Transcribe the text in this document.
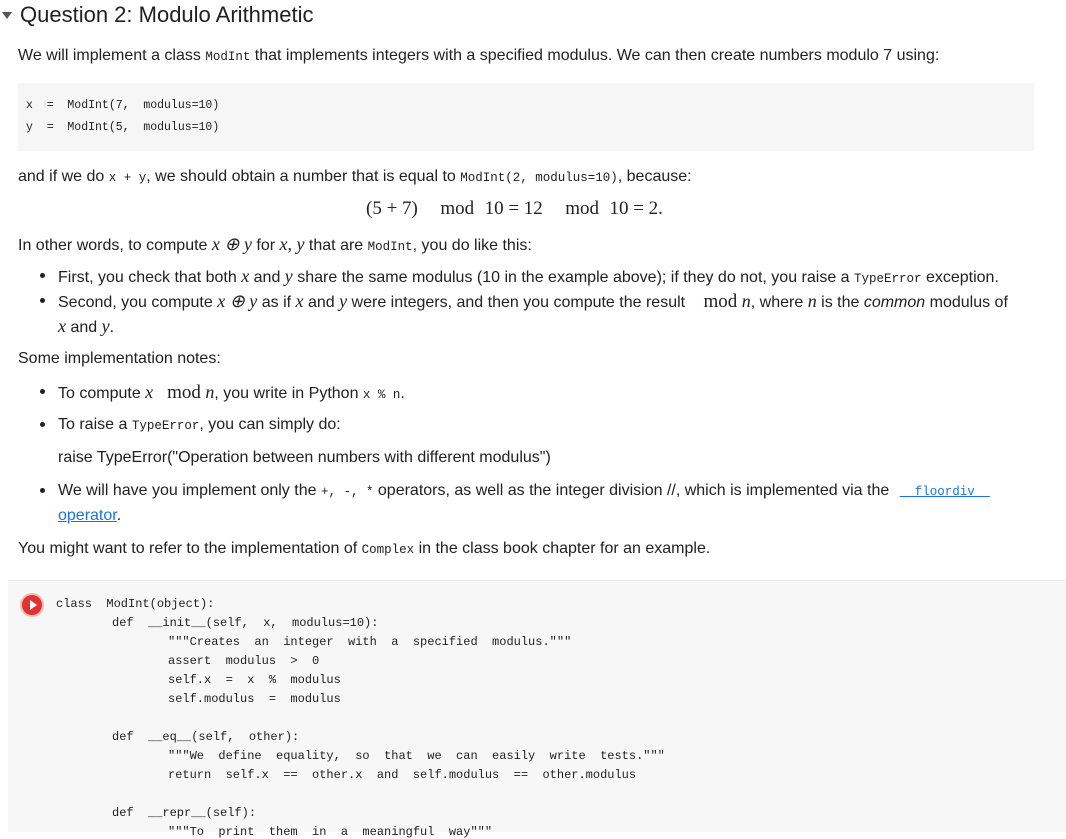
Question 2: Modulo Arithmetic
We will implement a class ModInt that implements integers with a specified modulus. We can then create numbers modulo 7 using:
x  =  ModInt(7,  modulus=10)
y  =  ModInt(5,  modulus=10)
and if we do x + y, we should obtain a number that is equal to ModInt(2, modulus=10), because:
(5 + 7) mod 10 = 12 mod 10 = 2.
In other words, to compute x ⊕ y for x, y that are ModInt, you do like this:
First, you check that both x and y share the same modulus (10 in the example above); if they do not, you raise a TypeError exception.
Second, you compute x ⊕ y as if x and y were integers, and then you compute the result mod n, where n is the common modulus of
x and y.
Some implementation notes:
To compute x mod n, you write in Python x % n.
To raise a TypeError, you can simply do:
raise TypeError("Operation between numbers with different modulus")
We will have you implement only the +, -, * operators, as well as the integer division //, which is implemented via the __floordiv__
operator.
You might want to refer to the implementation of Complex in the class book chapter for an example.
class  ModInt(object):
def  __init__(self,  x,  modulus=10):
"""Creates  an  integer  with  a  specified  modulus."""
assert  modulus  >  0
self.x  =  x  %  modulus
self.modulus  =  modulus
def  __eq__(self,  other):
"""We  define  equality,  so  that  we  can  easily  write  tests."""
return  self.x  ==  other.x  and  self.modulus  ==  other.modulus
def  __repr__(self):
"""To  print  them  in  a  meaningful  way"""
